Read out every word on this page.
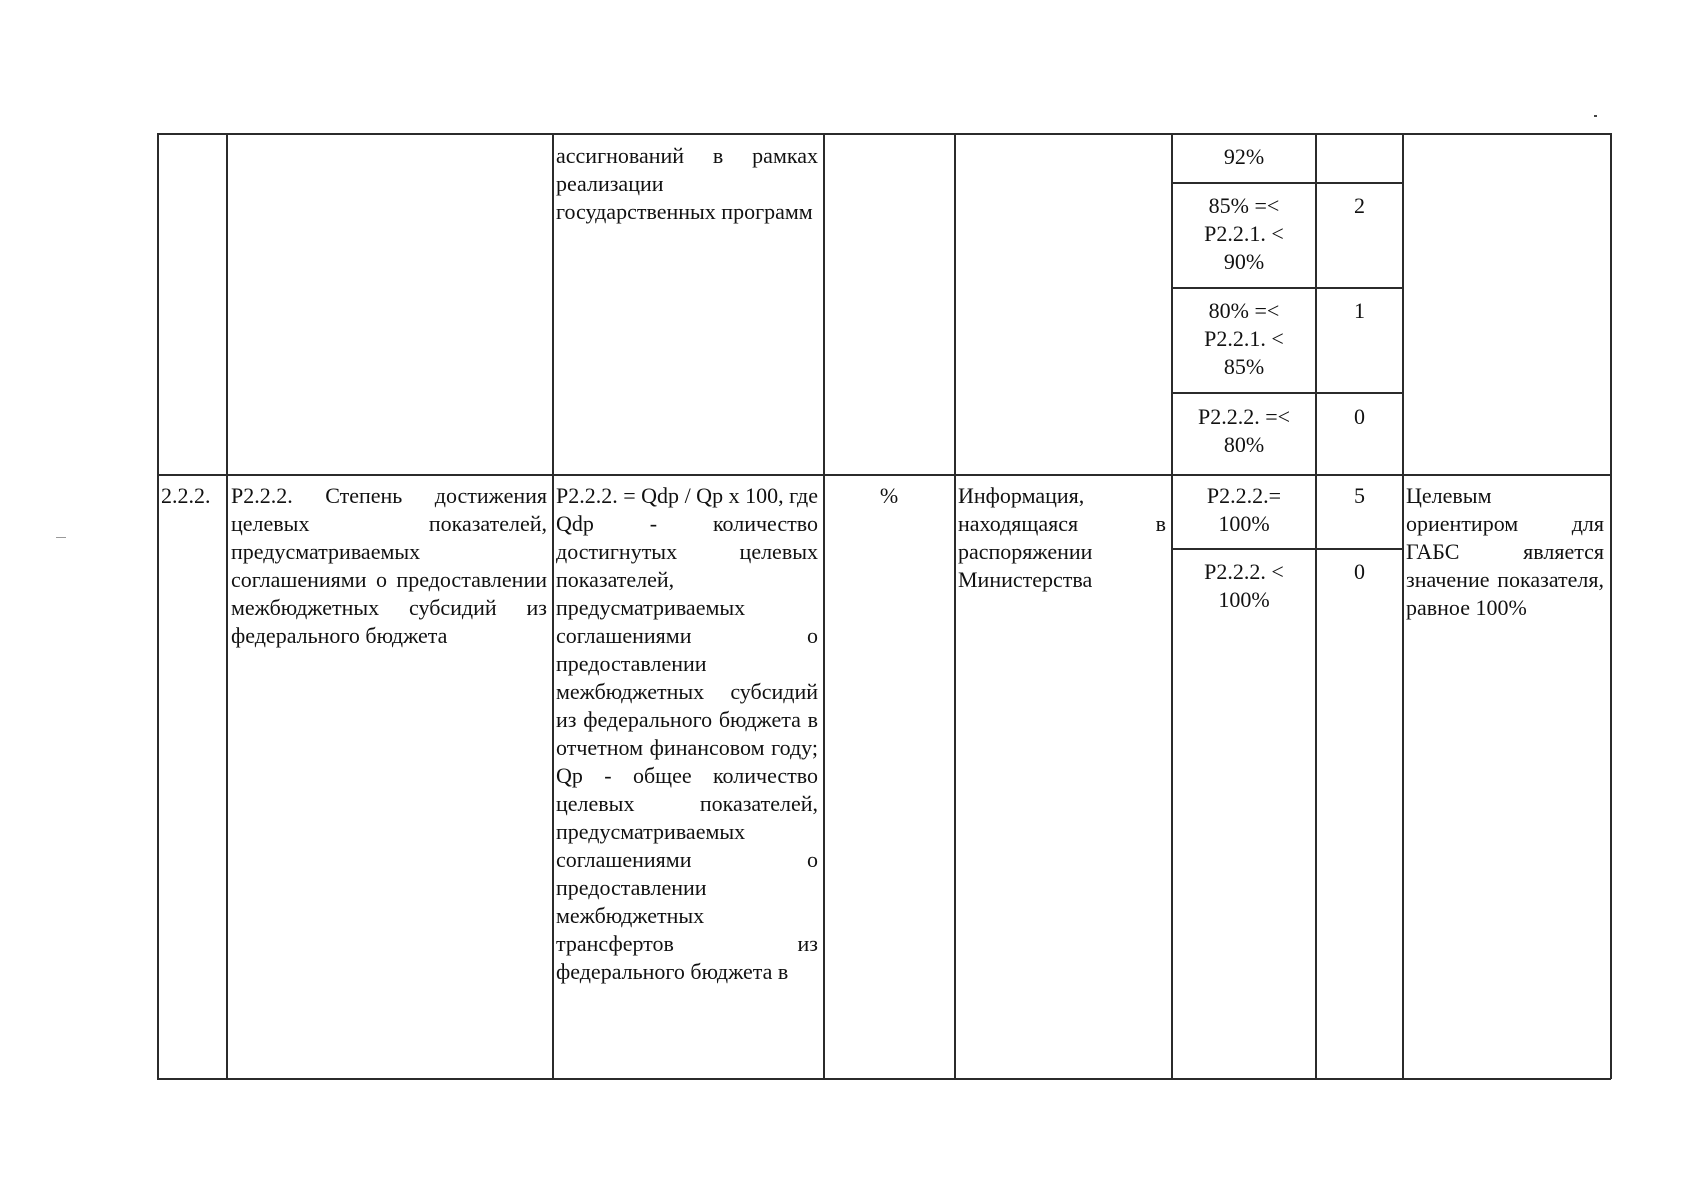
ассигнований в рамках реализации государственных программ
92%
85% =<
P2.2.1. <
90%
2
80% =<
P2.2.1. <
85%
1
P2.2.2. =<
80%
0
2.2.2. P2.2.2. Степень достижения целевых показателей, предусматриваемых соглашениями о предоставлении межбюджетных субсидий из федерального бюджета
P2.2.2. = Qdp / Qp x 100, где Qdp - количество достигнутых целевых показателей, предусматриваемых соглашениями о предоставлении межбюджетных субсидий из федерального бюджета в отчетном финансовом году; Qp - общее количество целевых показателей, предусматриваемых соглашениями о предоставлении межбюджетных трансфертов из федерального бюджета в
%	Информация, находящаяся в распоряжении Министерства
P2.2.2.=
100%
5
P2.2.2. <
100%
0
Целевым ориентиром для ГАБС является значение показателя, равное 100%
